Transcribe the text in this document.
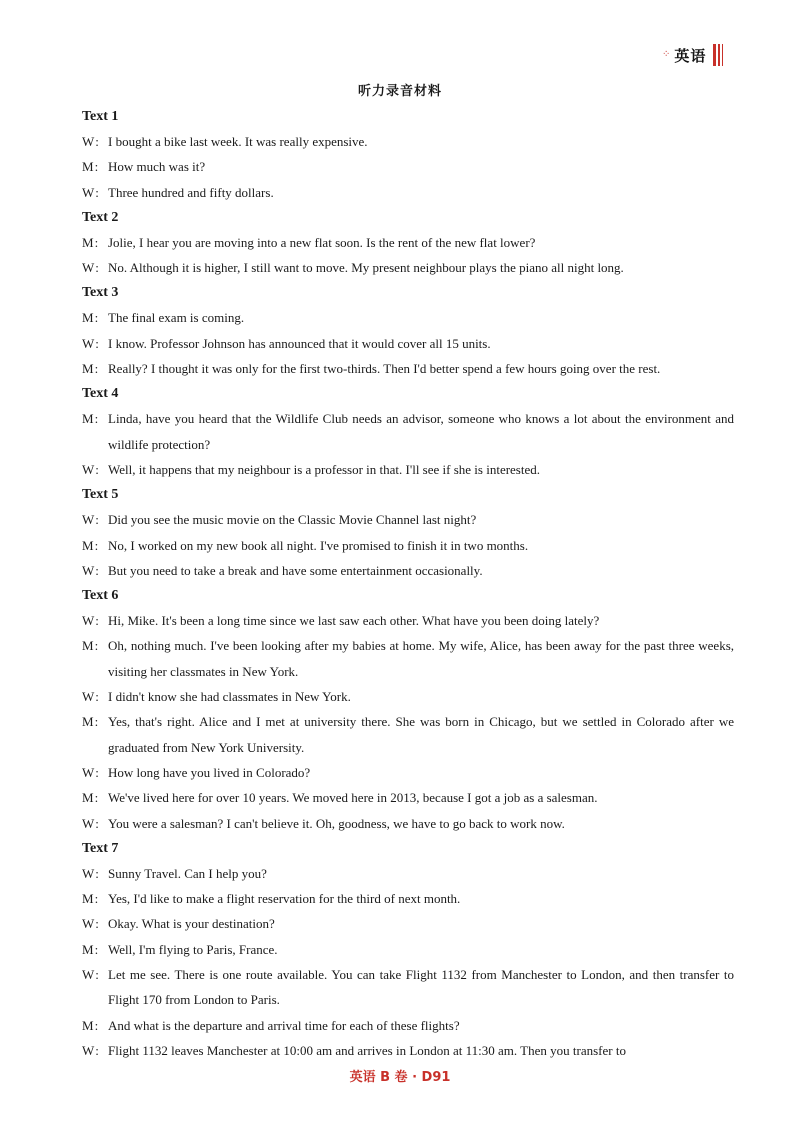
⁘ 英语
听力录音材料

Text 1

W: I bought a bike last week. It was really expensive.

M: How much was it?

W: Three hundred and fifty dollars.

Text 2

M: Jolie, I hear you are moving into a new flat soon. Is the rent of the new flat lower?

W: No. Although it is higher, I still want to move. My present neighbour plays the piano all night long.

Text 3

M: The final exam is coming.

W: I know. Professor Johnson has announced that it would cover all 15 units.

M: Really? I thought it was only for the first two-thirds. Then I'd better spend a few hours going over the rest.

Text 4

M: Linda, have you heard that the Wildlife Club needs an advisor, someone who knows a lot about the environment and wildlife protection?

W: Well, it happens that my neighbour is a professor in that. I'll see if she is interested.

Text 5

W: Did you see the music movie on the Classic Movie Channel last night?

M: No, I worked on my new book all night. I've promised to finish it in two months.

W: But you need to take a break and have some entertainment occasionally.

Text 6

W: Hi, Mike. It's been a long time since we last saw each other. What have you been doing lately?

M: Oh, nothing much. I've been looking after my babies at home. My wife, Alice, has been away for the past three weeks, visiting her classmates in New York.

W: I didn't know she had classmates in New York.

M: Yes, that's right. Alice and I met at university there. She was born in Chicago, but we settled in Colorado after we graduated from New York University.

W: How long have you lived in Colorado?

M: We've lived here for over 10 years. We moved here in 2013, because I got a job as a salesman.

W: You were a salesman? I can't believe it. Oh, goodness, we have to go back to work now.

Text 7

W: Sunny Travel. Can I help you?

M: Yes, I'd like to make a flight reservation for the third of next month.

W: Okay. What is your destination?

M: Well, I'm flying to Paris, France.

W: Let me see. There is one route available. You can take Flight 1132 from Manchester to London, and then transfer to Flight 170 from London to Paris.

M: And what is the departure and arrival time for each of these flights?

W: Flight 1132 leaves Manchester at 10:00 am and arrives in London at 11:30 am. Then you transfer to

英语 B 卷 · D91
